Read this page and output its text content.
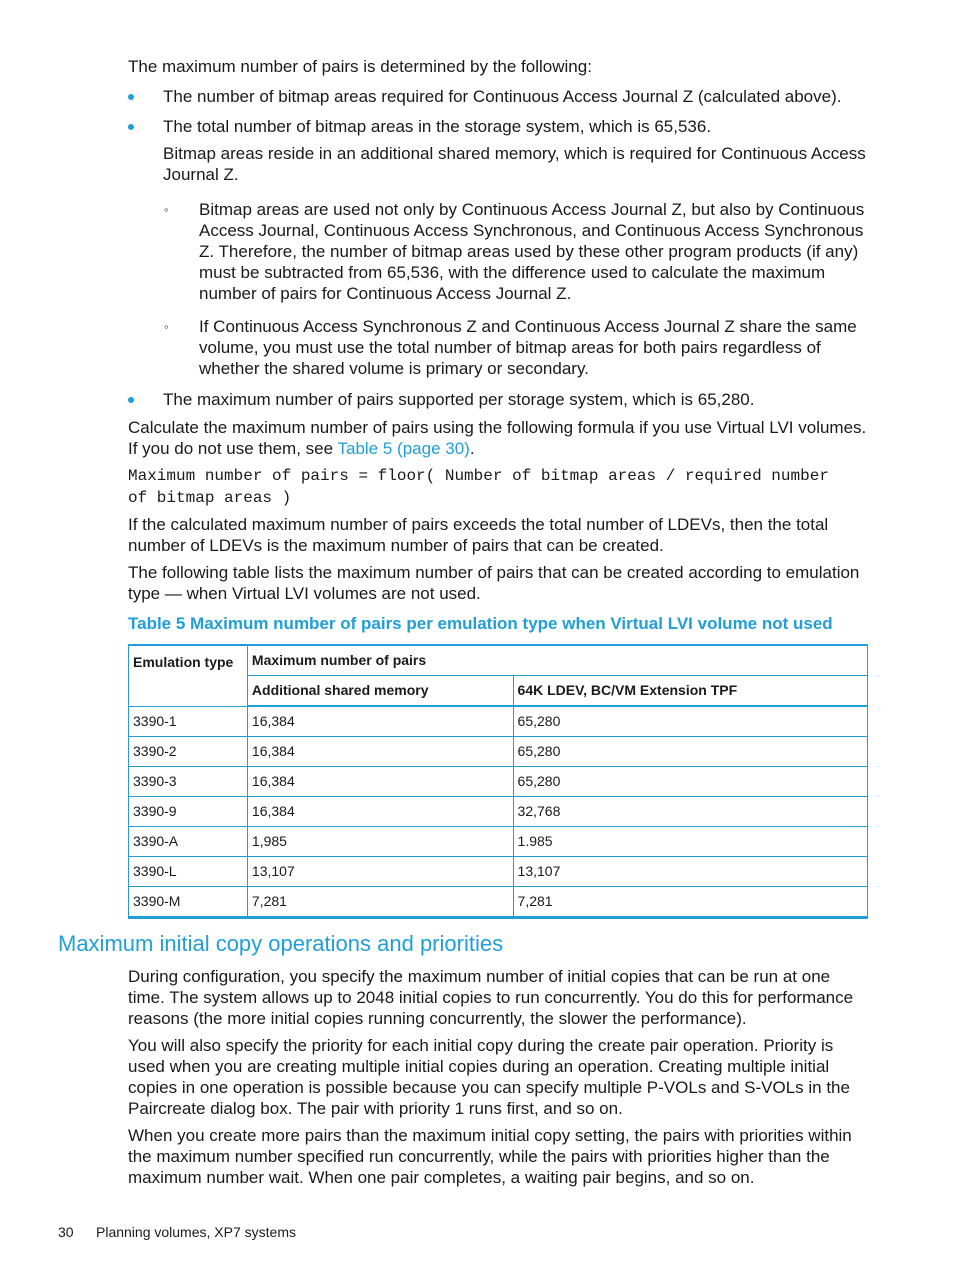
The maximum number of pairs is determined by the following:

The number of bitmap areas required for Continuous Access Journal Z (calculated above).
The total number of bitmap areas in the storage system, which is 65,536.

Bitmap areas reside in an additional shared memory, which is required for Continuous Access Journal Z.

◦ Bitmap areas are used not only by Continuous Access Journal Z, but also by Continuous Access Journal, Continuous Access Synchronous, and Continuous Access Synchronous Z. Therefore, the number of bitmap areas used by these other program products (if any) must be subtracted from 65,536, with the difference used to calculate the maximum number of pairs for Continuous Access Journal Z.
◦ If Continuous Access Synchronous Z and Continuous Access Journal Z share the same volume, you must use the total number of bitmap areas for both pairs regardless of whether the shared volume is primary or secondary.
The maximum number of pairs supported per storage system, which is 65,280.

Calculate the maximum number of pairs using the following formula if you use Virtual LVI volumes. If you do not use them, see Table 5 (page 30).

Maximum number of pairs = floor( Number of bitmap areas / required number of bitmap areas )

If the calculated maximum number of pairs exceeds the total number of LDEVs, then the total number of LDEVs is the maximum number of pairs that can be created.

The following table lists the maximum number of pairs that can be created according to emulation type — when Virtual LVI volumes are not used.

Table 5 Maximum number of pairs per emulation type when Virtual LVI volume not used
Emulation type	Maximum number of pairs	
	Additional shared memory	64K LDEV, BC/VM Extension TPF
3390-1	16,384	65,280
3390-2	16,384	65,280
3390-3	16,384	65,280
3390-9	16,384	32,768
3390-A	1,985	1.985
3390-L	13,107	13,107
3390-M	7,281	7,281
Maximum initial copy operations and priorities

During configuration, you specify the maximum number of initial copies that can be run at one time. The system allows up to 2048 initial copies to run concurrently. You do this for performance reasons (the more initial copies running concurrently, the slower the performance).

You will also specify the priority for each initial copy during the create pair operation. Priority is used when you are creating multiple initial copies during an operation. Creating multiple initial copies in one operation is possible because you can specify multiple P-VOLs and S-VOLs in the Paircreate dialog box. The pair with priority 1 runs first, and so on.

When you create more pairs than the maximum initial copy setting, the pairs with priorities within the maximum number specified run concurrently, while the pairs with priorities higher than the maximum number wait. When one pair completes, a waiting pair begins, and so on.

30 Planning volumes, XP7 systems
